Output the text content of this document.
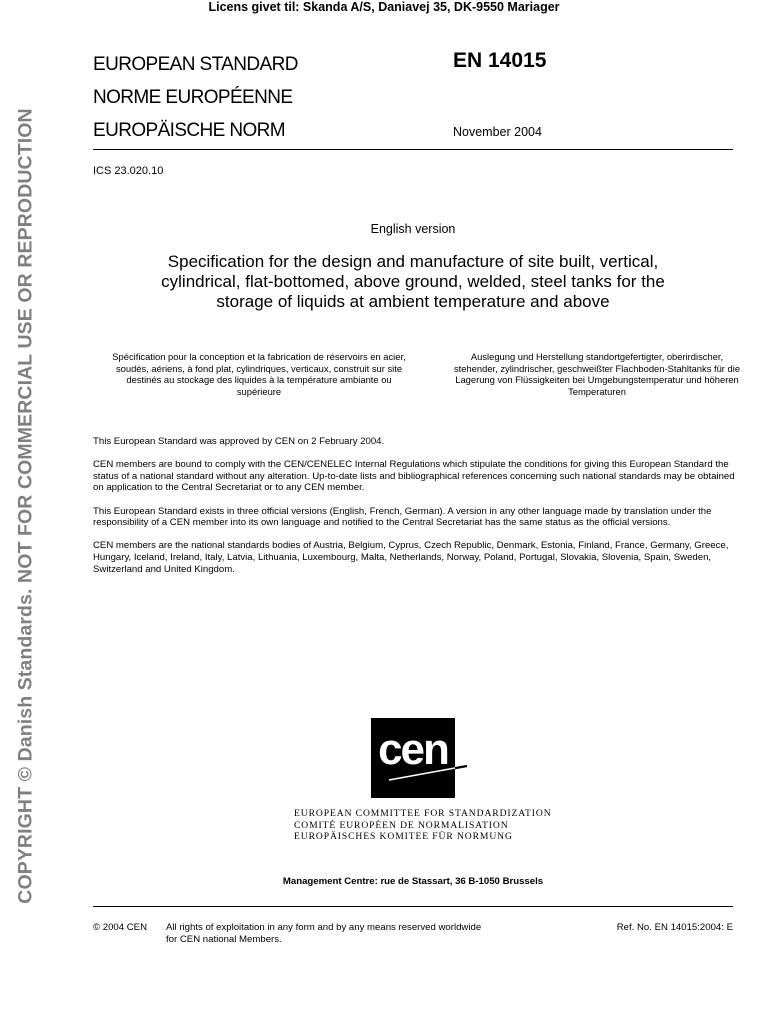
Licens givet til: Skanda A/S, Daniavej 35, DK-9550 Mariager
COPYRIGHT © Danish Standards. NOT FOR COMMERCIAL USE OR REPRODUCTION
EUROPEAN STANDARD
NORME EUROPÉENNE
EUROPÄISCHE NORM
EN 14015
November 2004
ICS 23.020.10
English version
Specification for the design and manufacture of site built, vertical, cylindrical, flat-bottomed, above ground, welded, steel tanks for the storage of liquids at ambient temperature and above
Spécification pour la conception et la fabrication de réservoirs en acier, soudés, aériens, à fond plat, cylindriques, verticaux, construit sur site destinés au stockage des liquides à la température ambiante ou supérieure
Auslegung und Herstellung standortgefertigter, oberirdischer, stehender, zylindrischer, geschweißter Flachboden-Stahltanks für die Lagerung von Flüssigkeiten bei Umgebungstemperatur und höheren Temperaturen

This European Standard was approved by CEN on 2 February 2004.

CEN members are bound to comply with the CEN/CENELEC Internal Regulations which stipulate the conditions for giving this European Standard the status of a national standard without any alteration. Up-to-date lists and bibliographical references concerning such national standards may be obtained on application to the Central Secretariat or to any CEN member.

This European Standard exists in three official versions (English, French, German). A version in any other language made by translation under the responsibility of a CEN member into its own language and notified to the Central Secretariat has the same status as the official versions.

CEN members are the national standards bodies of Austria, Belgium, Cyprus, Czech Republic, Denmark, Estonia, Finland, France, Germany, Greece, Hungary, Iceland, Ireland, Italy, Latvia, Lithuania, Luxembourg, Malta, Netherlands, Norway, Poland, Portugal, Slovakia, Slovenia, Spain, Sweden, Switzerland and United Kingdom.

cen
EUROPEAN COMMITTEE FOR STANDARDIZATION
COMITÉ EUROPÉEN DE NORMALISATION
EUROPÄISCHES KOMITEE FÜR NORMUNG
Management Centre: rue de Stassart, 36 B-1050 Brussels
© 2004 CEN All rights of exploitation in any form and by any means reserved worldwide for CEN national Members.
Ref. No. EN 14015:2004: E
